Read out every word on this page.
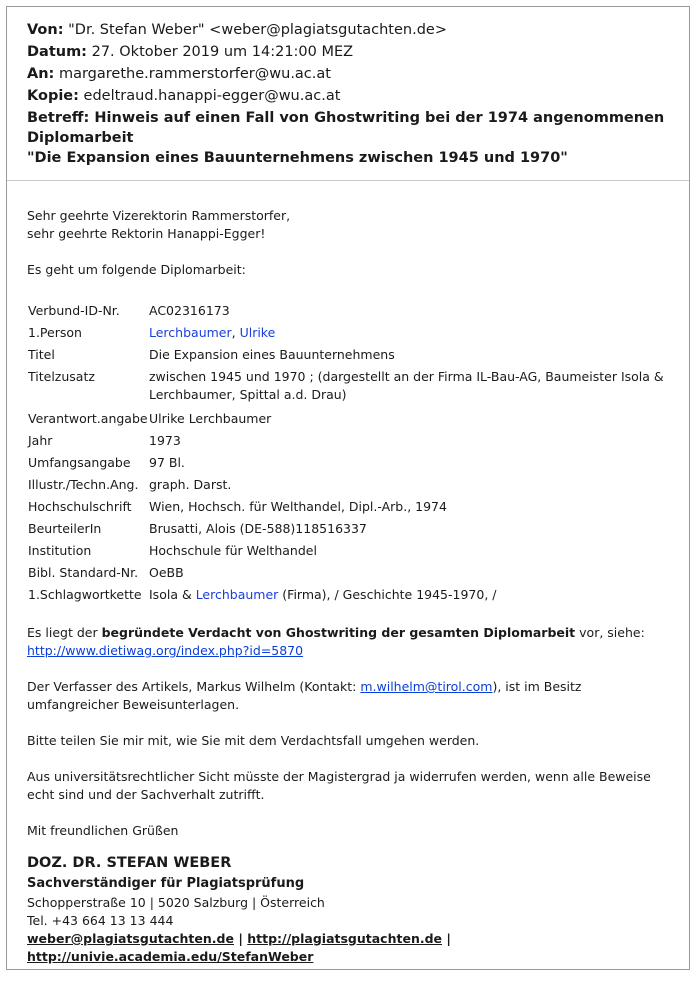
Von: "Dr. Stefan Weber" <weber@plagiatsgutachten.de>
Datum: 27. Oktober 2019 um 14:21:00 MEZ
An: margarethe.rammerstorfer@wu.ac.at
Kopie: edeltraud.hanappi-egger@wu.ac.at
Betreff: Hinweis auf einen Fall von Ghostwriting bei der 1974 angenommenen Diplomarbeit
"Die Expansion eines Bauunternehmens zwischen 1945 und 1970"

Sehr geehrte Vizerektorin Rammerstorfer,

sehr geehrte Rektorin Hanappi-Egger!

Es geht um folgende Diplomarbeit:

Verbund-ID-Nr.	AC02316173
1.Person	Lerchbaumer, Ulrike
Titel	Die Expansion eines Bauunternehmens
Titelzusatz	zwischen 1945 und 1970 ; (dargestellt an der Firma IL-Bau-AG, Baumeister Isola & Lerchbaumer, Spittal a.d. Drau)
Verantwort.angabe	Ulrike Lerchbaumer
Jahr	1973
Umfangsangabe	97 Bl.
Illustr./Techn.Ang.	graph. Darst.
Hochschulschrift	Wien, Hochsch. für Welthandel, Dipl.-Arb., 1974
BeurteilerIn	Brusatti, Alois (DE-588)118516337
Institution	Hochschule für Welthandel
Bibl. Standard-Nr.	OeBB
1.Schlagwortkette	Isola & Lerchbaumer (Firma), / Geschichte 1945-1970, /

Es liegt der begründete Verdacht von Ghostwriting der gesamten Diplomarbeit vor, siehe:
http://www.dietiwag.org/index.php?id=5870

Der Verfasser des Artikels, Markus Wilhelm (Kontakt: m.wilhelm@tirol.com), ist im Besitz umfangreicher Beweisunterlagen.

Bitte teilen Sie mir mit, wie Sie mit dem Verdachtsfall umgehen werden.

Aus universitätsrechtlicher Sicht müsste der Magistergrad ja widerrufen werden, wenn alle Beweise echt sind und der Sachverhalt zutrifft.

Mit freundlichen Grüßen

DOZ. DR. STEFAN WEBER
Sachverständiger für Plagiatsprüfung
Schopperstraße 10 | 5020 Salzburg | Österreich
Tel. +43 664 13 13 444
weber@plagiatsgutachten.de | http://plagiatsgutachten.de | http://univie.academia.edu/StefanWeber
